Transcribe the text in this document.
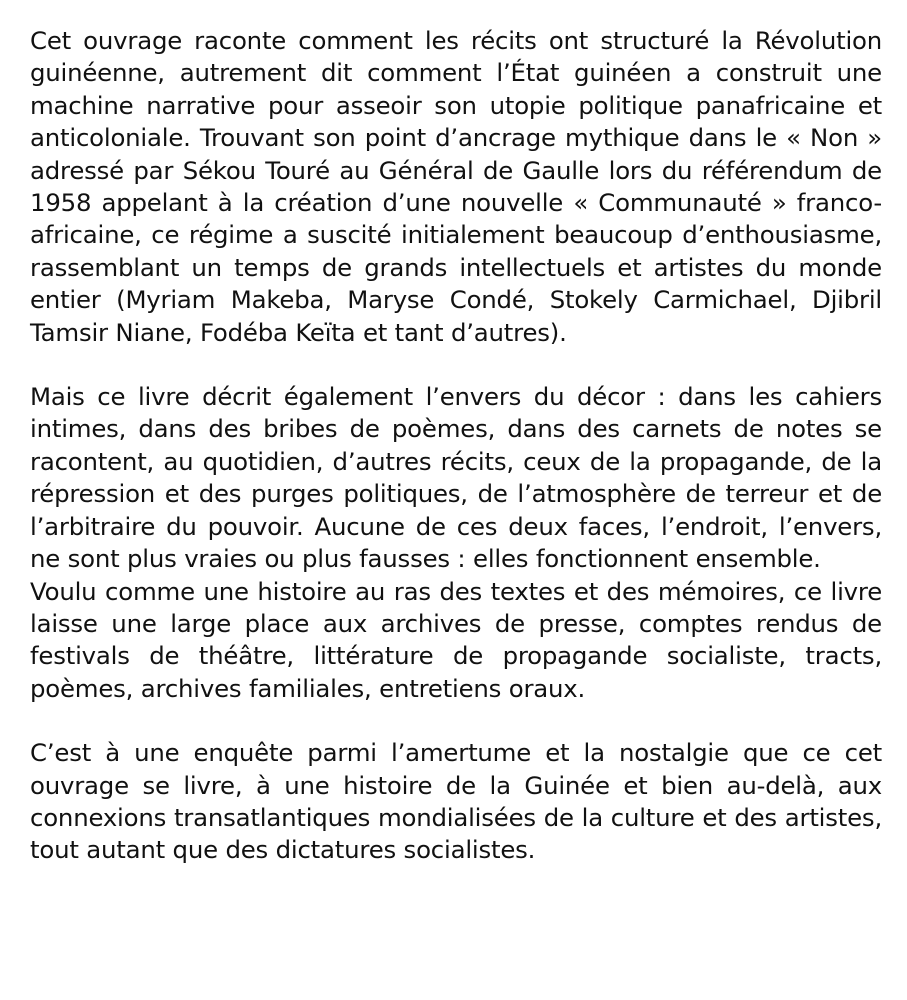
Cet ouvrage raconte comment les récits ont structuré la Révolution guinéenne, autrement dit comment l’État guinéen a construit une machine narrative pour asseoir son utopie politique panafricaine et anticoloniale. Trouvant son point d’ancrage mythique dans le « Non » adressé par Sékou Touré au Général de Gaulle lors du référendum de 1958 appelant à la création d’une nouvelle « Communauté » franco-africaine, ce régime a suscité initialement beaucoup d’enthousiasme, rassemblant un temps de grands intellectuels et artistes du monde entier (Myriam Makeba, Maryse Condé, Stokely Carmichael, Djibril Tamsir Niane, Fodéba Keïta et tant d’autres).

Mais ce livre décrit également l’envers du décor : dans les cahiers intimes, dans des bribes de poèmes, dans des carnets de notes se racontent, au quotidien, d’autres récits, ceux de la propagande, de la répression et des purges politiques, de l’atmosphère de terreur et de l’arbitraire du pouvoir. Aucune de ces deux faces, l’endroit, l’envers, ne sont plus vraies ou plus fausses : elles fonctionnent ensemble.

Voulu comme une histoire au ras des textes et des mémoires, ce livre laisse une large place aux archives de presse, comptes rendus de festivals de théâtre, littérature de propagande socialiste, tracts, poèmes, archives familiales, entretiens oraux.

C’est à une enquête parmi l’amertume et la nostalgie que ce cet ouvrage se livre, à une histoire de la Guinée et bien au-delà, aux connexions transatlantiques mondialisées de la culture et des artistes, tout autant que des dictatures socialistes.
